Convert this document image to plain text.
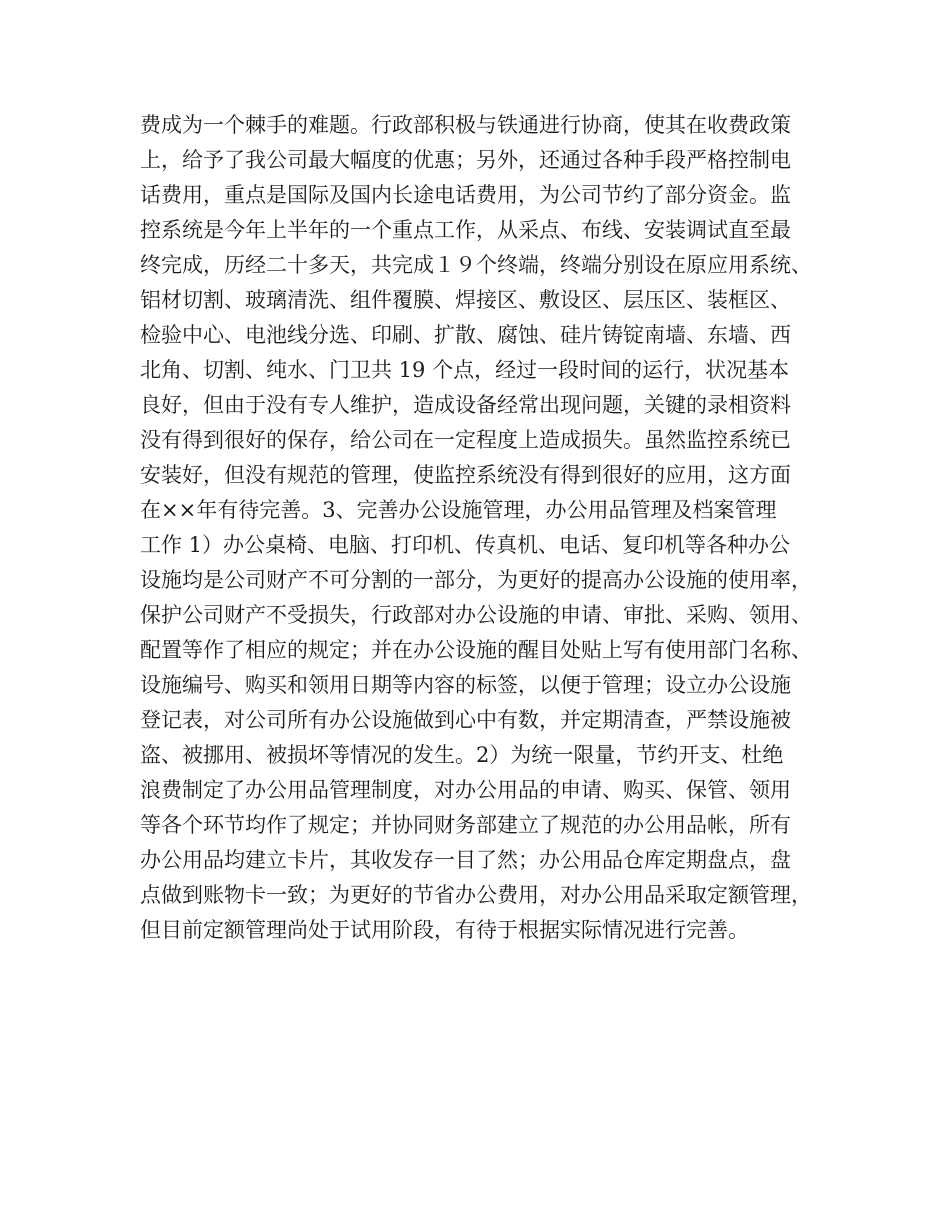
费成为一个棘手的难题。行政部积极与铁通进行协商，使其在收费政策
上，给予了我公司最大幅度的优惠；另外，还通过各种手段严格控制电
话费用，重点是国际及国内长途电话费用，为公司节约了部分资金。监
控系统是今年上半年的一个重点工作，从采点、布线、安装调试直至最
终完成，历经二十多天，共完成１９个终端，终端分别设在原应用系统、
铝材切割、玻璃清洗、组件覆膜、焊接区、敷设区、层压区、装框区、
检验中心、电池线分选、印刷、扩散、腐蚀、硅片铸锭南墙、东墙、西
北角、切割、纯水、门卫共 19 个点，经过一段时间的运行，状况基本
良好，但由于没有专人维护，造成设备经常出现问题，关键的录相资料
没有得到很好的保存，给公司在一定程度上造成损失。虽然监控系统已
安装好，但没有规范的管理，使监控系统没有得到很好的应用，这方面
在××年有待完善。3、完善办公设施管理，办公用品管理及档案管理
工作 1）办公桌椅、电脑、打印机、传真机、电话、复印机等各种办公
设施均是公司财产不可分割的一部分，为更好的提高办公设施的使用率，
保护公司财产不受损失，行政部对办公设施的申请、审批、采购、领用、
配置等作了相应的规定；并在办公设施的醒目处贴上写有使用部门名称、
设施编号、购买和领用日期等内容的标签，以便于管理；设立办公设施
登记表，对公司所有办公设施做到心中有数，并定期清查，严禁设施被
盗、被挪用、被损坏等情况的发生。2）为统一限量，节约开支、杜绝
浪费制定了办公用品管理制度，对办公用品的申请、购买、保管、领用
等各个环节均作了规定；并协同财务部建立了规范的办公用品帐，所有
办公用品均建立卡片，其收发存一目了然；办公用品仓库定期盘点，盘
点做到账物卡一致；为更好的节省办公费用，对办公用品采取定额管理，
但目前定额管理尚处于试用阶段，有待于根据实际情况进行完善。
